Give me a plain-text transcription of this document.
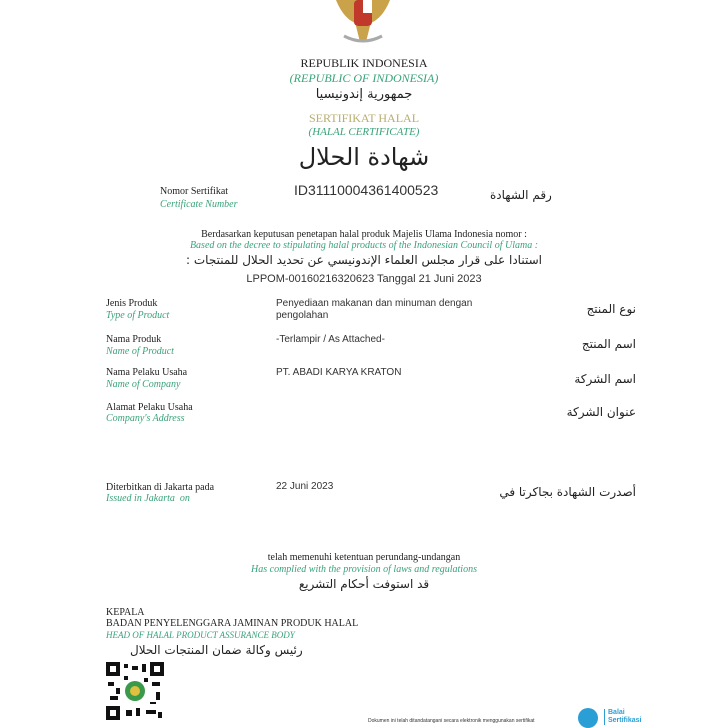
REPUBLIK INDONESIA
(REPUBLIC OF INDONESIA)
جمهورية إندونيسيا
SERTIFIKAT HALAL
(HALAL CERTIFICATE)
شهادة الحلال
Nomor Sertifikat
Certificate Number
ID31110004361400523	رقم الشهادة
Berdasarkan keputusan penetapan halal produk Majelis Ulama Indonesia nomor :
Based on the decree to stipulating halal products of the Indonesian Council of Ulama :
استنادا على قرار مجلس العلماء الإندونيسي عن تحديد الحلال للمنتجات :
LPPOM-00160216320623 Tanggal 21 Juni 2023
Jenis Produk
Type of Product
Penyediaan makanan dan minuman dengan pengolahan	نوع المنتج
Nama Produk
Name of Product
-Terlampir / As Attached-	اسم المنتج
Nama Pelaku Usaha
Name of Company
PT. ABADI KARYA KRATON	اسم الشركة
Alamat Pelaku Usaha
Company's Address	عنوان الشركة
Diterbitkan di Jakarta pada
Issued in Jakarta  on
22 Juni 2023	أصدرت الشهادة بجاكرتا في
telah memenuhi ketentuan perundang-undangan
Has complied with the provision of laws and regulations
قد استوفت أحكام التشريع
KEPALA
BADAN PENYELENGGARA JAMINAN PRODUK HALAL
HEAD OF HALAL PRODUCT ASSURANCE BODY
رئيس وكالة ضمان المنتجات الحلال
Dokumen ini telah ditandatangani secara elektronik menggunakan sertifikat
Balai Sertifikasi
